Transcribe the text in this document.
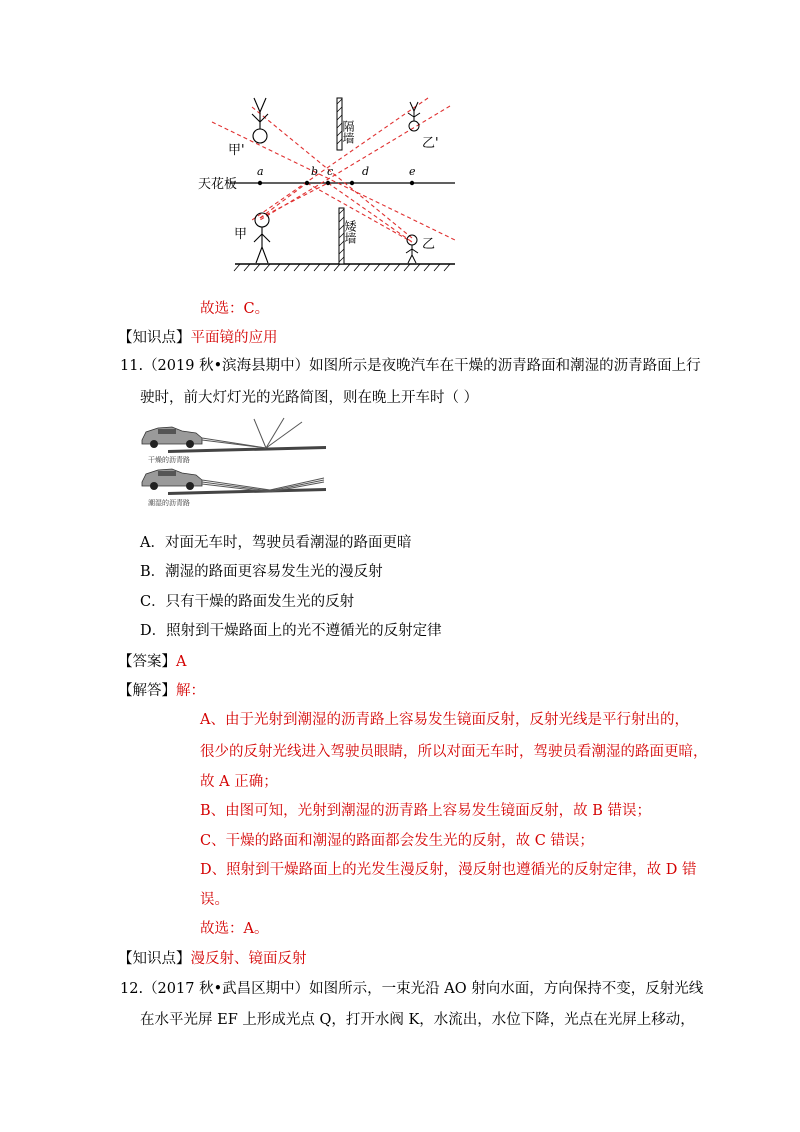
隔墙
矮墙
a	b c	d	e
天花板
甲'	乙'
甲
乙
故选：C。
【知识点】平面镜的应用
11.（2019 秋•滨海县期中）如图所示是夜晚汽车在干燥的沥青路面和潮湿的沥青路面上行
驶时，前大灯灯光的光路简图，则在晚上开车时（ ）
干燥的沥青路
潮湿的沥青路
A．对面无车时，驾驶员看潮湿的路面更暗
B．潮湿的路面更容易发生光的漫反射
C．只有干燥的路面发生光的反射
D．照射到干燥路面上的光不遵循光的反射定律
【答案】A
【解答】解：
A、由于光射到潮湿的沥青路上容易发生镜面反射，反射光线是平行射出的，
很少的反射光线进入驾驶员眼睛，所以对面无车时，驾驶员看潮湿的路面更暗，
故 A 正确；
B、由图可知，光射到潮湿的沥青路上容易发生镜面反射，故 B 错误；
C、干燥的路面和潮湿的路面都会发生光的反射，故 C 错误；
D、照射到干燥路面上的光发生漫反射，漫反射也遵循光的反射定律，故 D 错
误。
故选：A。
【知识点】漫反射、镜面反射
12.（2017 秋•武昌区期中）如图所示，一束光沿 AO 射向水面，方向保持不变，反射光线
在水平光屏 EF 上形成光点 Q，打开水阀 K，水流出，水位下降，光点在光屏上移动，
